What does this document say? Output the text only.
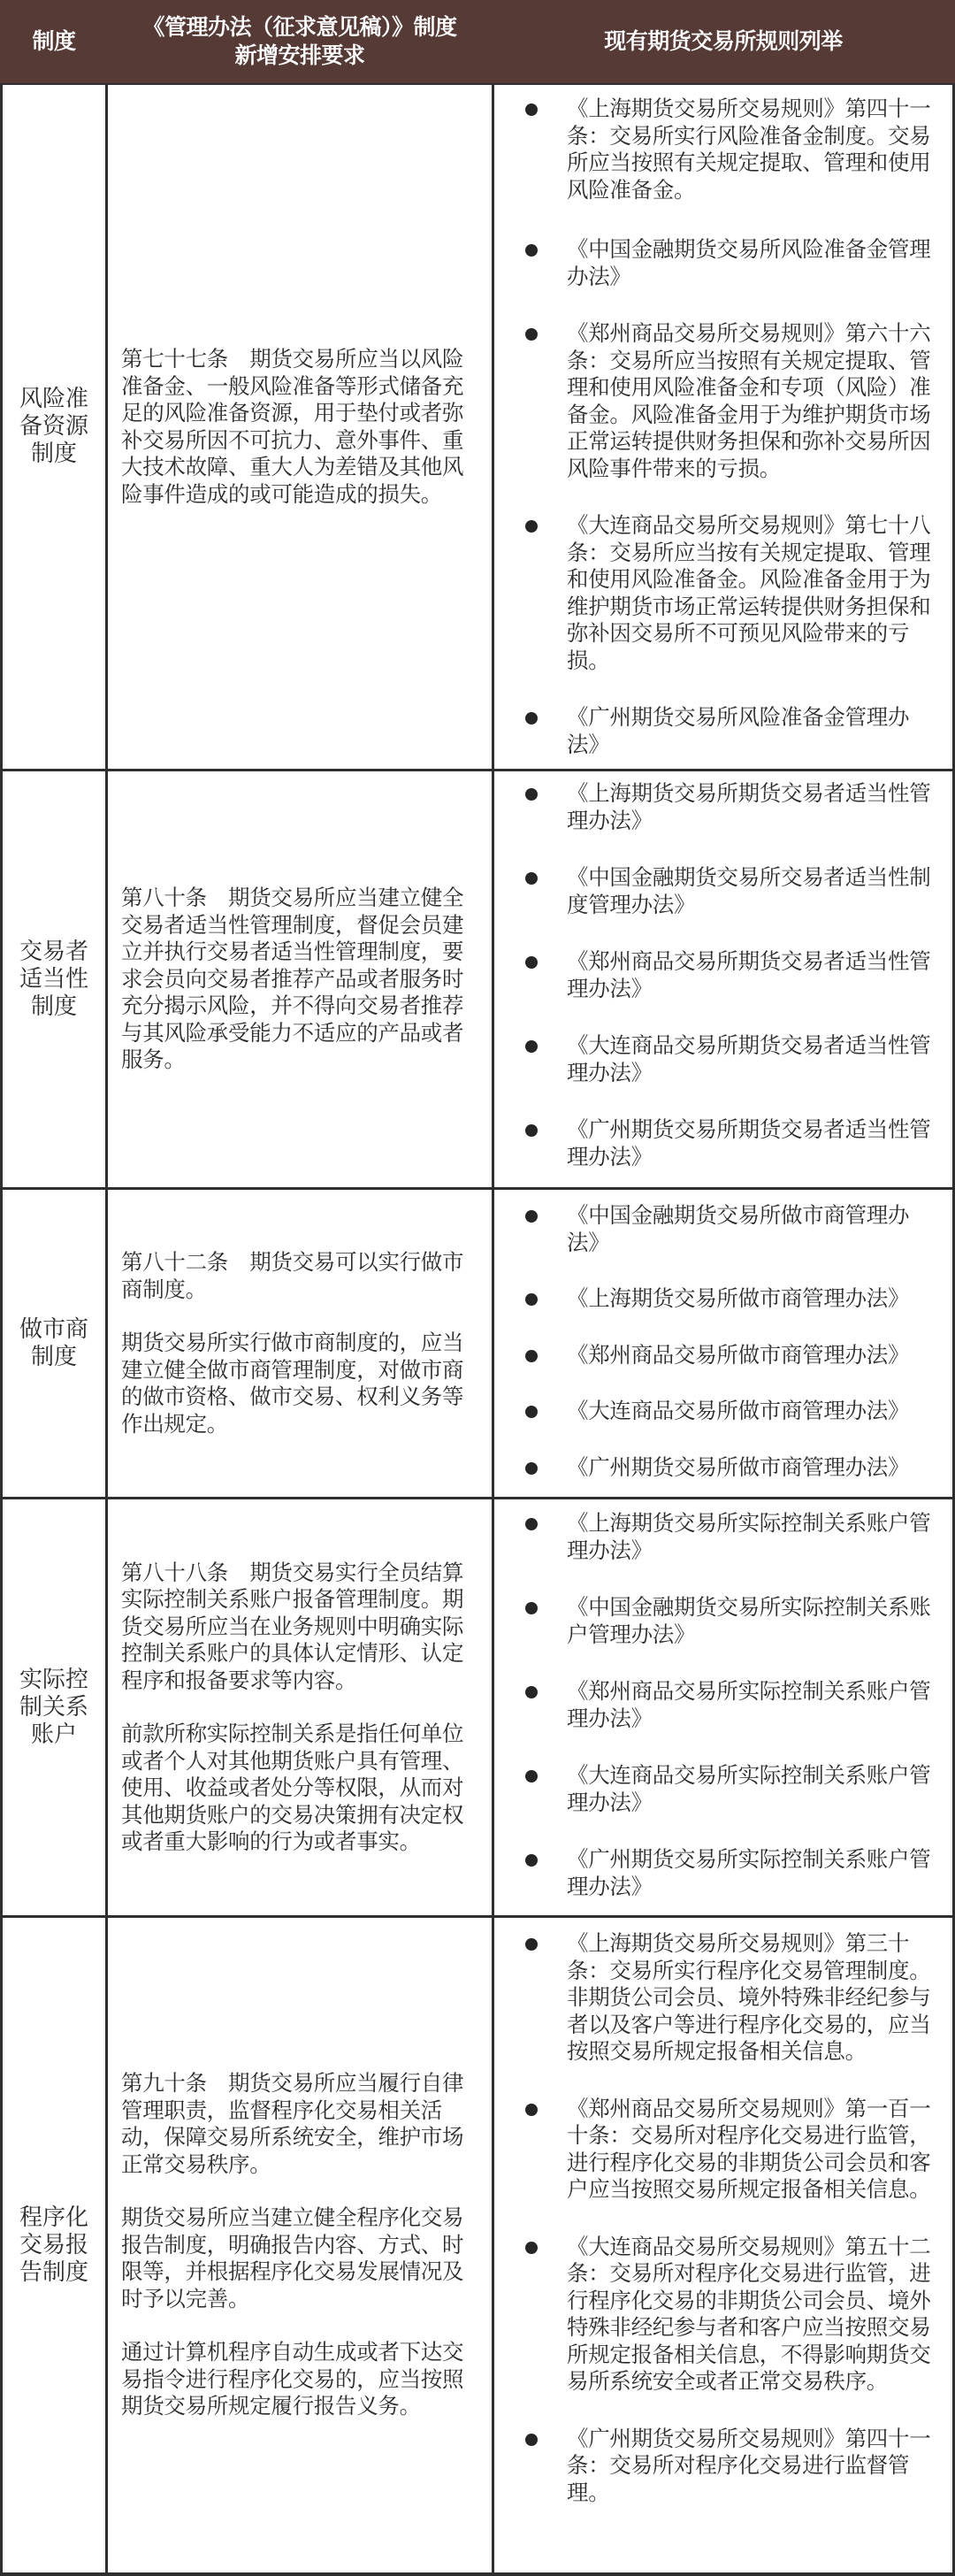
制度
《管理办法（征求意见稿）》制度新增安排要求
现有期货交易所规则列举
风险准备资源制度

第七十七条　期货交易所应当以风险准备金、一般风险准备等形式储备充足的风险准备资源，用于垫付或者弥补交易所因不可抗力、意外事件、重大技术故障、重大人为差错及其他风险事件造成的或可能造成的损失。

《上海期货交易所交易规则》第四十一条：交易所实行风险准备金制度。交易所应当按照有关规定提取、管理和使用风险准备金。
《中国金融期货交易所风险准备金管理办法》
《郑州商品交易所交易规则》第六十六条：交易所应当按照有关规定提取、管理和使用风险准备金和专项（风险）准备金。风险准备金用于为维护期货市场正常运转提供财务担保和弥补交易所因风险事件带来的亏损。
《大连商品交易所交易规则》第七十八条：交易所应当按有关规定提取、管理和使用风险准备金。风险准备金用于为维护期货市场正常运转提供财务担保和弥补因交易所不可预见风险带来的亏损。
《广州期货交易所风险准备金管理办法》
交易者适当性制度

第八十条　期货交易所应当建立健全交易者适当性管理制度，督促会员建立并执行交易者适当性管理制度，要求会员向交易者推荐产品或者服务时充分揭示风险，并不得向交易者推荐与其风险承受能力不适应的产品或者服务。

《上海期货交易所期货交易者适当性管理办法》
《中国金融期货交易所交易者适当性制度管理办法》
《郑州商品交易所期货交易者适当性管理办法》
《大连商品交易所期货交易者适当性管理办法》
《广州期货交易所期货交易者适当性管理办法》
做市商制度

第八十二条　期货交易可以实行做市商制度。

期货交易所实行做市商制度的，应当建立健全做市商管理制度，对做市商的做市资格、做市交易、权利义务等作出规定。

《中国金融期货交易所做市商管理办法》
《上海期货交易所做市商管理办法》
《郑州商品交易所做市商管理办法》
《大连商品交易所做市商管理办法》
《广州期货交易所做市商管理办法》
实际控制关系账户

第八十八条　期货交易实行全员结算实际控制关系账户报备管理制度。期货交易所应当在业务规则中明确实际控制关系账户的具体认定情形、认定程序和报备要求等内容。

前款所称实际控制关系是指任何单位或者个人对其他期货账户具有管理、使用、收益或者处分等权限，从而对其他期货账户的交易决策拥有决定权或者重大影响的行为或者事实。

《上海期货交易所实际控制关系账户管理办法》
《中国金融期货交易所实际控制关系账户管理办法》
《郑州商品交易所实际控制关系账户管理办法》
《大连商品交易所实际控制关系账户管理办法》
《广州期货交易所实际控制关系账户管理办法》
程序化交易报告制度

第九十条　期货交易所应当履行自律管理职责，监督程序化交易相关活动，保障交易所系统安全，维护市场正常交易秩序。

期货交易所应当建立健全程序化交易报告制度，明确报告内容、方式、时限等，并根据程序化交易发展情况及时予以完善。

通过计算机程序自动生成或者下达交易指令进行程序化交易的，应当按照期货交易所规定履行报告义务。

《上海期货交易所交易规则》第三十条：交易所实行程序化交易管理制度。非期货公司会员、境外特殊非经纪参与者以及客户等进行程序化交易的，应当按照交易所规定报备相关信息。
《郑州商品交易所交易规则》第一百一十条：交易所对程序化交易进行监管，进行程序化交易的非期货公司会员和客户应当按照交易所规定报备相关信息。
《大连商品交易所交易规则》第五十二条：交易所对程序化交易进行监管，进行程序化交易的非期货公司会员、境外特殊非经纪参与者和客户应当按照交易所规定报备相关信息，不得影响期货交易所系统安全或者正常交易秩序。
《广州期货交易所交易规则》第四十一条：交易所对程序化交易进行监督管理。
